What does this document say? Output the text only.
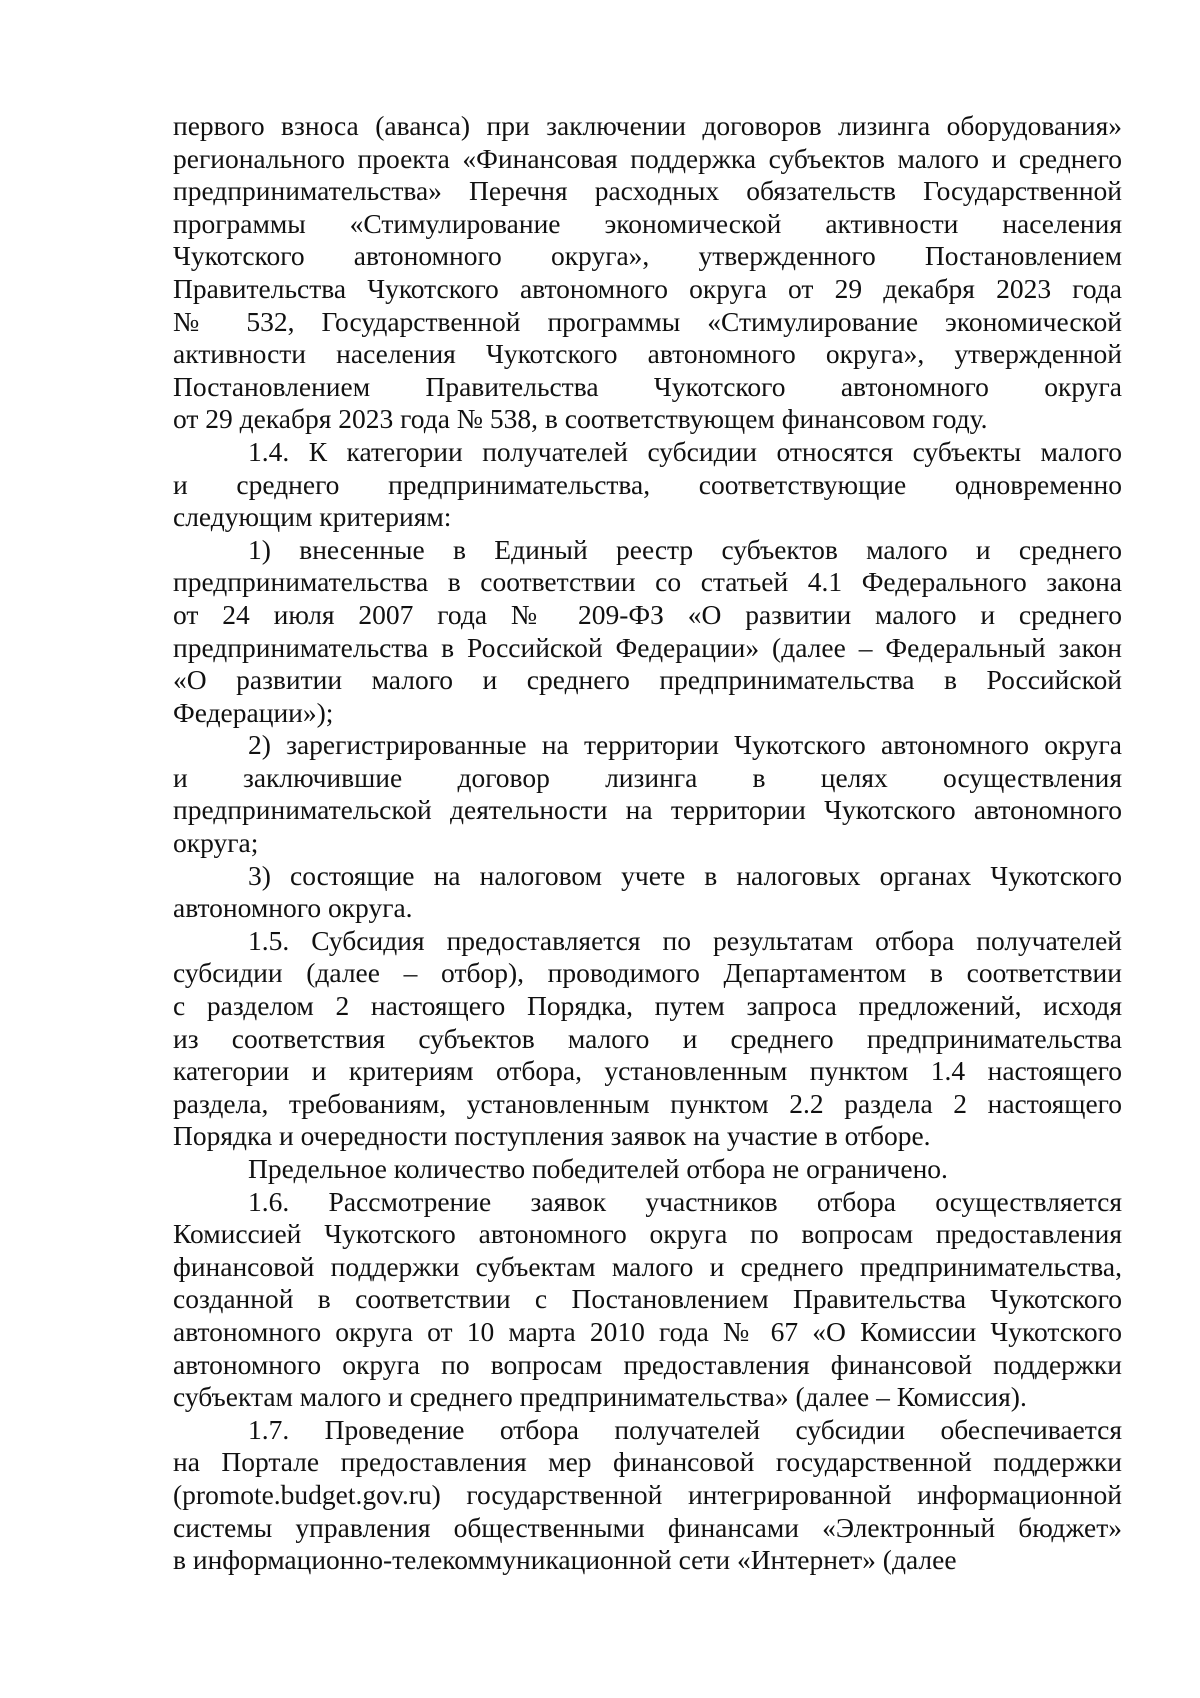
первого взноса (аванса) при заключении договоров лизинга оборудования»
регионального проекта «Финансовая поддержка субъектов малого и среднего
предпринимательства» Перечня расходных обязательств Государственной
программы «Стимулирование экономической активности населения
Чукотского автономного округа», утвержденного Постановлением
Правительства Чукотского автономного округа от 29 декабря 2023 года
№ 532, Государственной программы «Стимулирование экономической
активности населения Чукотского автономного округа», утвержденной
Постановлением Правительства Чукотского автономного округа
от 29 декабря 2023 года № 538, в соответствующем финансовом году.

1.4. К категории получателей субсидии относятся субъекты малого
и среднего предпринимательства, соответствующие одновременно
следующим критериям:

1) внесенные в Единый реестр субъектов малого и среднего
предпринимательства в соответствии со статьей 4.1 Федерального закона
от 24 июля 2007 года № 209-ФЗ «О развитии малого и среднего
предпринимательства в Российской Федерации» (далее – Федеральный закон
«О развитии малого и среднего предпринимательства в Российской
Федерации»);

2) зарегистрированные на территории Чукотского автономного округа
и заключившие договор лизинга в целях осуществления
предпринимательской деятельности на территории Чукотского автономного
округа;

3) состоящие на налоговом учете в налоговых органах Чукотского
автономного округа.

1.5. Субсидия предоставляется по результатам отбора получателей
субсидии (далее – отбор), проводимого Департаментом в соответствии
с разделом 2 настоящего Порядка, путем запроса предложений, исходя
из соответствия субъектов малого и среднего предпринимательства
категории и критериям отбора, установленным пунктом 1.4 настоящего
раздела, требованиям, установленным пунктом 2.2 раздела 2 настоящего
Порядка и очередности поступления заявок на участие в отборе.

Предельное количество победителей отбора не ограничено.

1.6. Рассмотрение заявок участников отбора осуществляется
Комиссией Чукотского автономного округа по вопросам предоставления
финансовой поддержки субъектам малого и среднего предпринимательства,
созданной в соответствии с Постановлением Правительства Чукотского
автономного округа от 10 марта 2010 года № 67 «О Комиссии Чукотского
автономного округа по вопросам предоставления финансовой поддержки
субъектам малого и среднего предпринимательства» (далее – Комиссия).

1.7. Проведение отбора получателей субсидии обеспечивается
на Портале предоставления мер финансовой государственной поддержки
(promote.budget.gov.ru) государственной интегрированной информационной
системы управления общественными финансами «Электронный бюджет»
в информационно-телекоммуникационной сети «Интернет» (далее
